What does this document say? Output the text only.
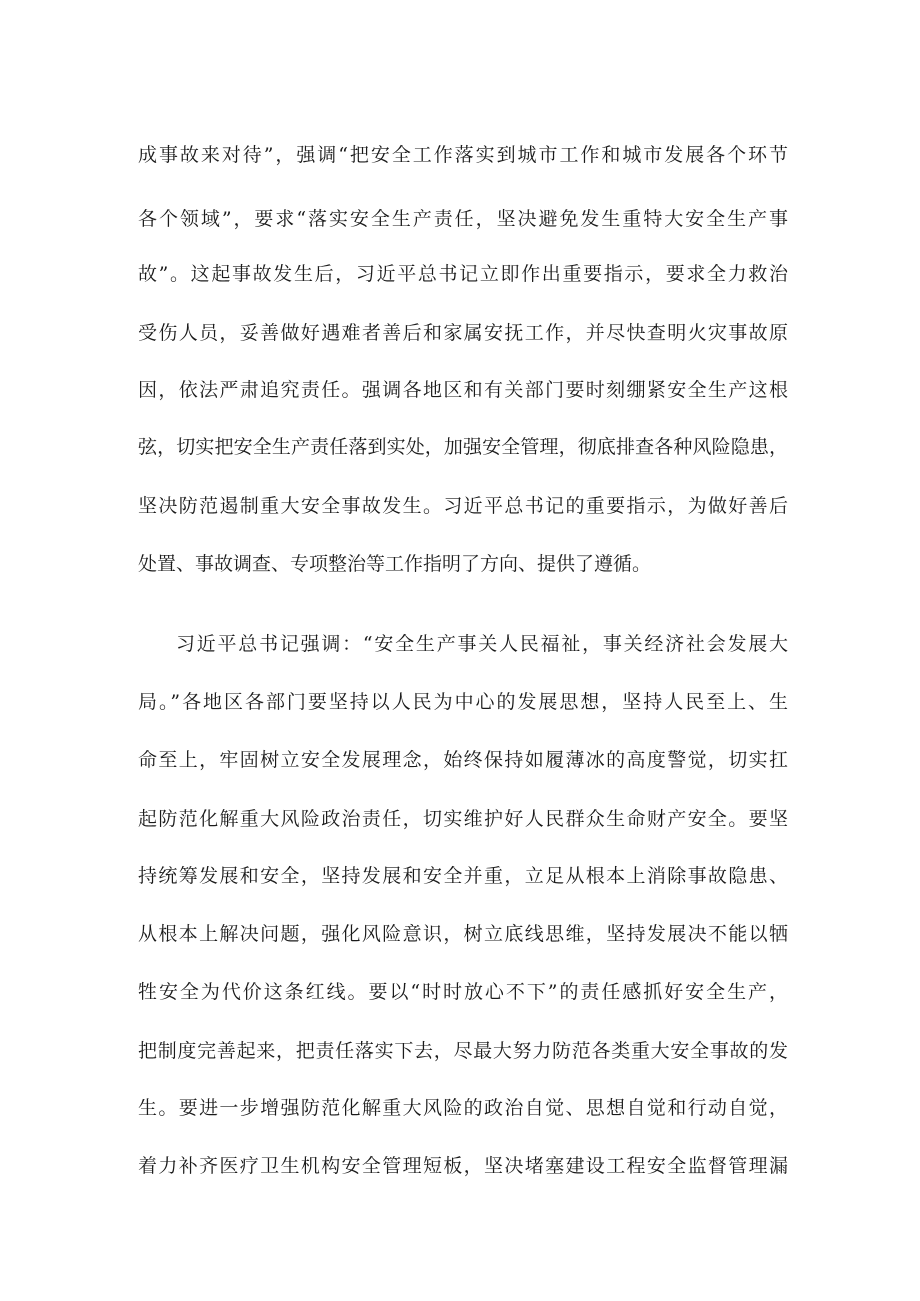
成事故来对待”，强调“把安全工作落实到城市工作和城市发展各个环节
各个领域”，要求“落实安全生产责任，坚决避免发生重特大安全生产事
故”。这起事故发生后，习近平总书记立即作出重要指示，要求全力救治
受伤人员，妥善做好遇难者善后和家属安抚工作，并尽快查明火灾事故原
因，依法严肃追究责任。强调各地区和有关部门要时刻绷紧安全生产这根
弦，切实把安全生产责任落到实处，加强安全管理，彻底排查各种风险隐患，
坚决防范遏制重大安全事故发生。习近平总书记的重要指示，为做好善后
处置、事故调查、专项整治等工作指明了方向、提供了遵循。
习近平总书记强调：“安全生产事关人民福祉，事关经济社会发展大
局。”各地区各部门要坚持以人民为中心的发展思想，坚持人民至上、生
命至上，牢固树立安全发展理念，始终保持如履薄冰的高度警觉，切实扛
起防范化解重大风险政治责任，切实维护好人民群众生命财产安全。要坚
持统筹发展和安全，坚持发展和安全并重，立足从根本上消除事故隐患、
从根本上解决问题，强化风险意识，树立底线思维，坚持发展决不能以牺
牲安全为代价这条红线。要以“时时放心不下”的责任感抓好安全生产，
把制度完善起来，把责任落实下去，尽最大努力防范各类重大安全事故的发
生。要进一步增强防范化解重大风险的政治自觉、思想自觉和行动自觉，
着力补齐医疗卫生机构安全管理短板，坚决堵塞建设工程安全监督管理漏
